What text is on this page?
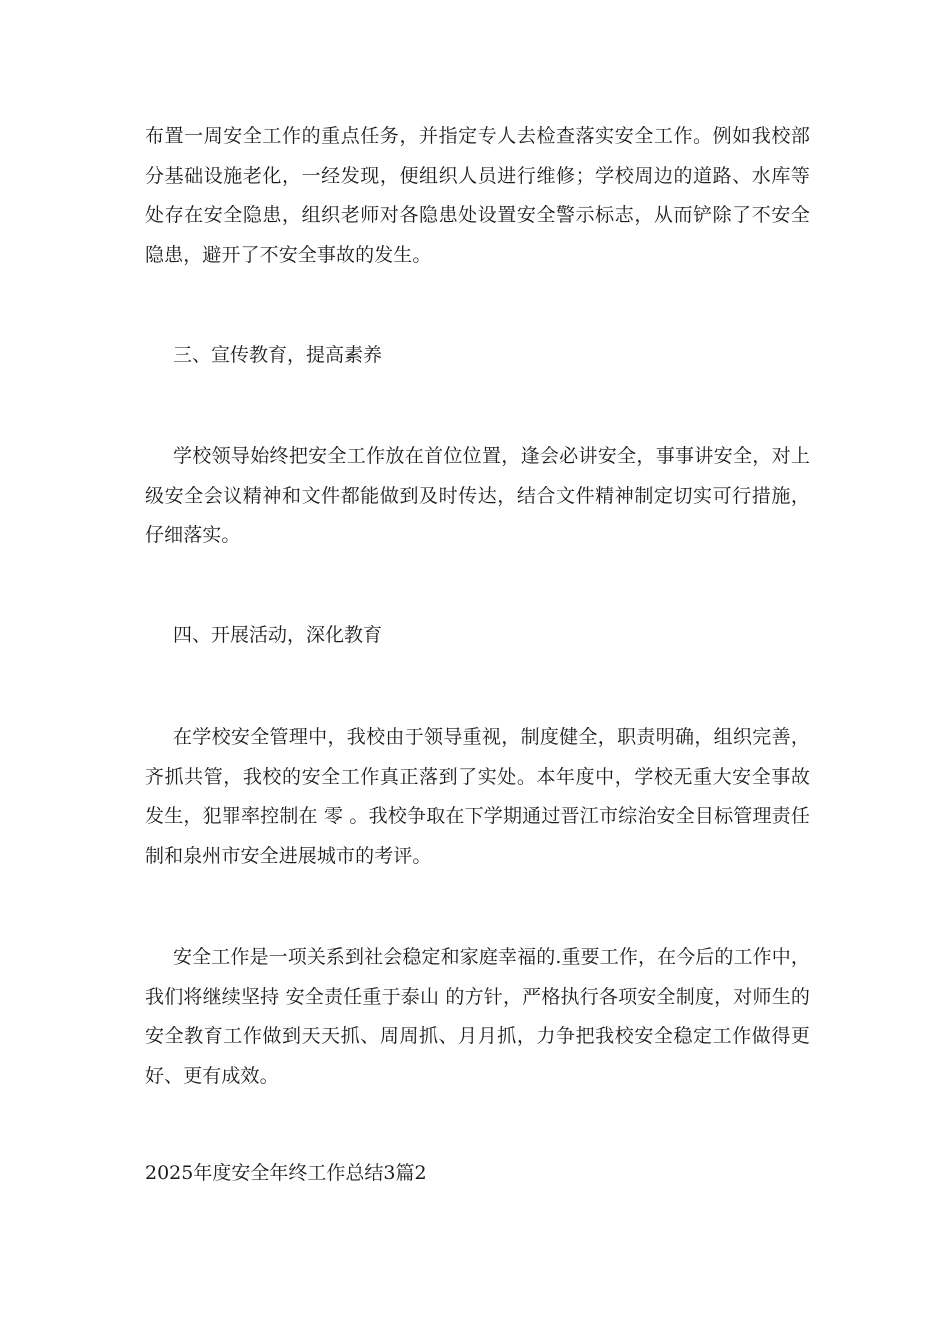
布置一周安全工作的重点任务，并指定专人去检查落实安全工作。例如我校部分基础设施老化，一经发现，便组织人员进行维修；学校周边的道路、水库等处存在安全隐患，组织老师对各隐患处设置安全警示标志，从而铲除了不安全隐患，避开了不安全事故的发生。

三、宣传教育，提高素养

学校领导始终把安全工作放在首位位置，逢会必讲安全，事事讲安全，对上级安全会议精神和文件都能做到及时传达，结合文件精神制定切实可行措施，仔细落实。

四、开展活动，深化教育

在学校安全管理中，我校由于领导重视，制度健全，职责明确，组织完善，齐抓共管，我校的安全工作真正落到了实处。本年度中，学校无重大安全事故发生，犯罪率控制在 零 。我校争取在下学期通过晋江市综治安全目标管理责任制和泉州市安全进展城市的考评。

安全工作是一项关系到社会稳定和家庭幸福的.重要工作，在今后的工作中，我们将继续坚持 安全责任重于泰山 的方针，严格执行各项安全制度，对师生的安全教育工作做到天天抓、周周抓、月月抓，力争把我校安全稳定工作做得更好、更有成效。

2025年度安全年终工作总结3篇2
